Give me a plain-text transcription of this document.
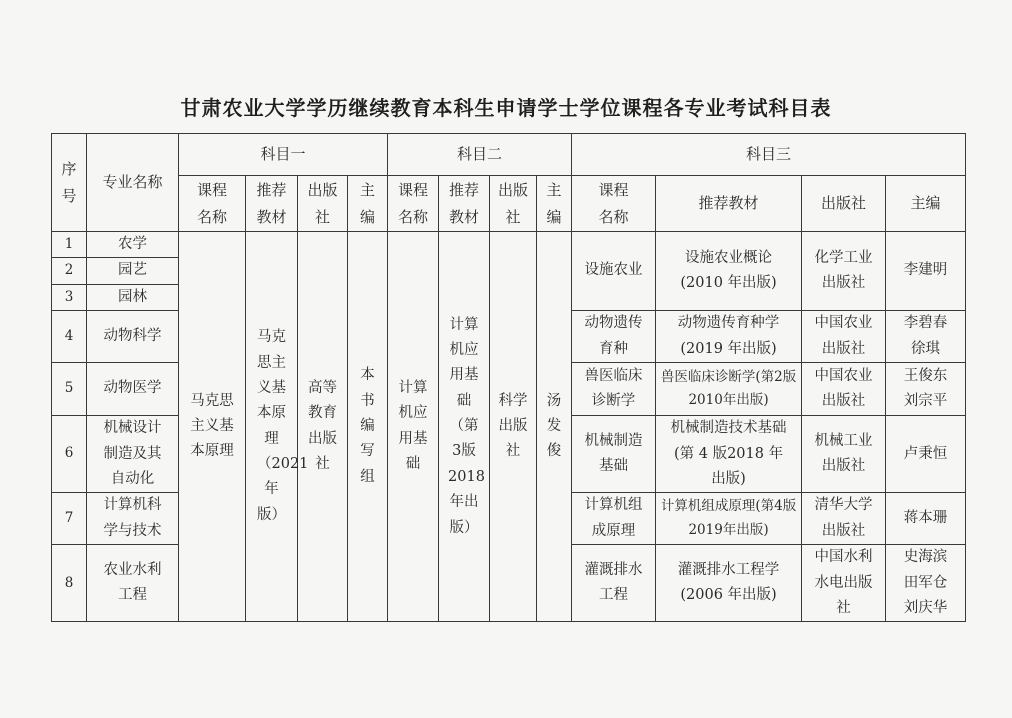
甘肃农业大学学历继续教育本科生申请学士学位课程各专业考试科目表
序号	专业名称	科目一				科目二				科目三			
		课程名称	推荐教材	出版社	主编	课程名称	推荐教材	出版社	主编	课程名称	推荐教材	出版社	主编
1	农学	马克思主义基本原理	马克思主义基本原理（2021年版）	高等教育出版社	本书编写组	计算机应用基础	计算机应用基础（第3版2018年出版）	科学出版社	汤发俊	设施农业	设施农业概论(2010 年出版)	化学工业出版社	李建明
2	园艺												
3	园林												
4	动物科学									动物遗传育种	动物遗传育种学(2019 年出版)	中国农业出版社	李碧春徐琪
5	动物医学									兽医临床诊断学	兽医临床诊断学(第2版2010年出版)	中国农业出版社	王俊东刘宗平
6	机械设计制造及其自动化									机械制造基础	机械制造技术基础(第 4 版2018 年出版)	机械工业出版社	卢秉恒
7	计算机科学与技术									计算机组成原理	计算机组成原理(第4版2019年出版)	清华大学出版社	蒋本珊
8	农业水利工程									灌溉排水工程	灌溉排水工程学(2006 年出版)	中国水利水电出版社	史海滨田军仓刘庆华
